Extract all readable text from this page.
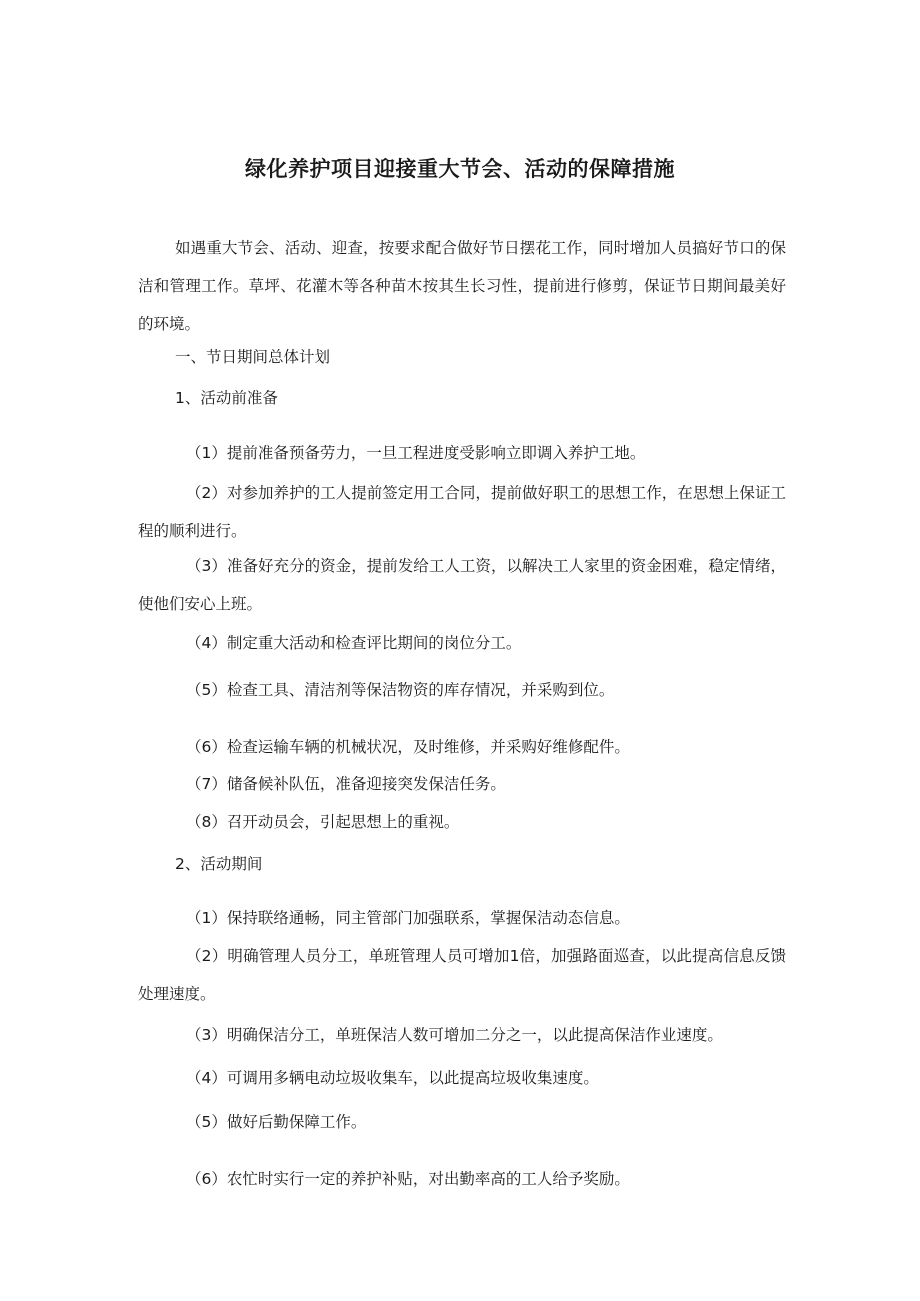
绿化养护项目迎接重大节会、活动的保障措施

如遇重大节会、活动、迎查，按要求配合做好节日摆花工作，同时增加人员搞好节口的保洁和管理工作。草坪、花灌木等各种苗木按其生长习性，提前进行修剪，保证节日期间最美好的环境。

一、节日期间总体计划

1、活动前准备

（1）提前准备预备劳力，一旦工程进度受影响立即调入养护工地。

（2）对参加养护的工人提前签定用工合同，提前做好职工的思想工作，在思想上保证工程的顺利进行。

（3）准备好充分的资金，提前发给工人工资，以解决工人家里的资金困难，稳定情绪，使他们安心上班。

（4）制定重大活动和检查评比期间的岗位分工。

（5）检查工具、清洁剂等保洁物资的库存情况，并采购到位。

（6）检查运输车辆的机械状况，及时维修，并采购好维修配件。

（7）储备候补队伍，准备迎接突发保洁任务。

（8）召开动员会，引起思想上的重视。

2、活动期间

（1）保持联络通畅，同主管部门加强联系，掌握保洁动态信息。

（2）明确管理人员分工，单班管理人员可增加1倍，加强路面巡查，以此提高信息反馈处理速度。

（3）明确保洁分工，单班保洁人数可增加二分之一，以此提高保洁作业速度。

（4）可调用多辆电动垃圾收集车，以此提高垃圾收集速度。

（5）做好后勤保障工作。

（6）农忙时实行一定的养护补贴，对出勤率高的工人给予奖励。
